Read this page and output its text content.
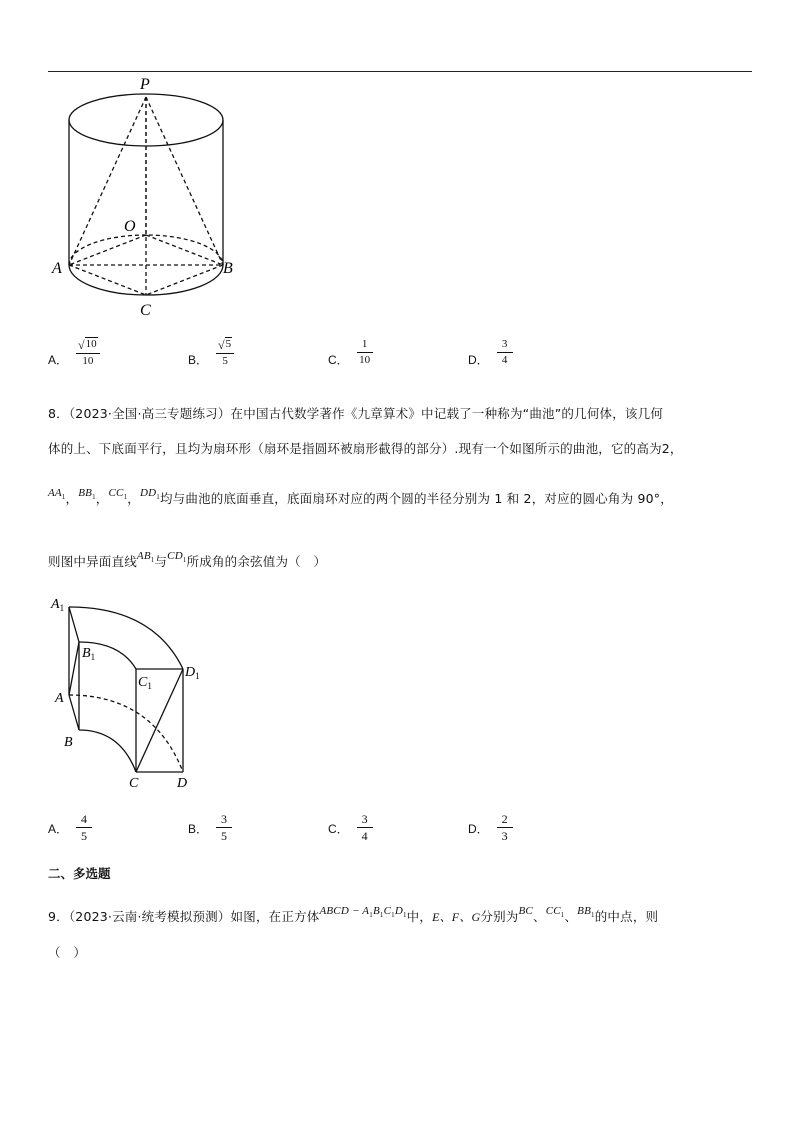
P
O
A	B
C
A． $\frac{√ 10}{10}$	B． $\frac{√ 5}{5}$	C． $\frac{1}{10}$	D． $\frac{3}{4}$
8．（2023·全国·高三专题练习）在中国古代数学著作《九章算术》中记载了一种称为“曲池”的几何体，该几何
体的上、下底面平行，且均为扇环形（扇环是指圆环被扇形截得的部分）.现有一个如图所示的曲池，它的高为2，
$AA_1$，$BB_1$，$CC_1$，$DD_1$均与曲池的底面垂直，底面扇环对应的两个圆的半径分别为 1 和 2，对应的圆心角为 90°，
则图中异面直线$AB_1$与$CD_1$所成角的余弦值为（　）
$A_1$
$B_1$
$C_1$
$D_1$
A
B
C	D
A． $\frac{4}{5}$	B． $\frac{3}{5}$	C． $\frac{3}{4}$	D． $\frac{2}{3}$
二、多选题
9．（2023·云南·统考模拟预测）如图，在正方体ABCD − $A_1B_1C_1D_1$中，E、F、G分别为BC、$CC_1$、$BB_1$的中点，则
（　）
